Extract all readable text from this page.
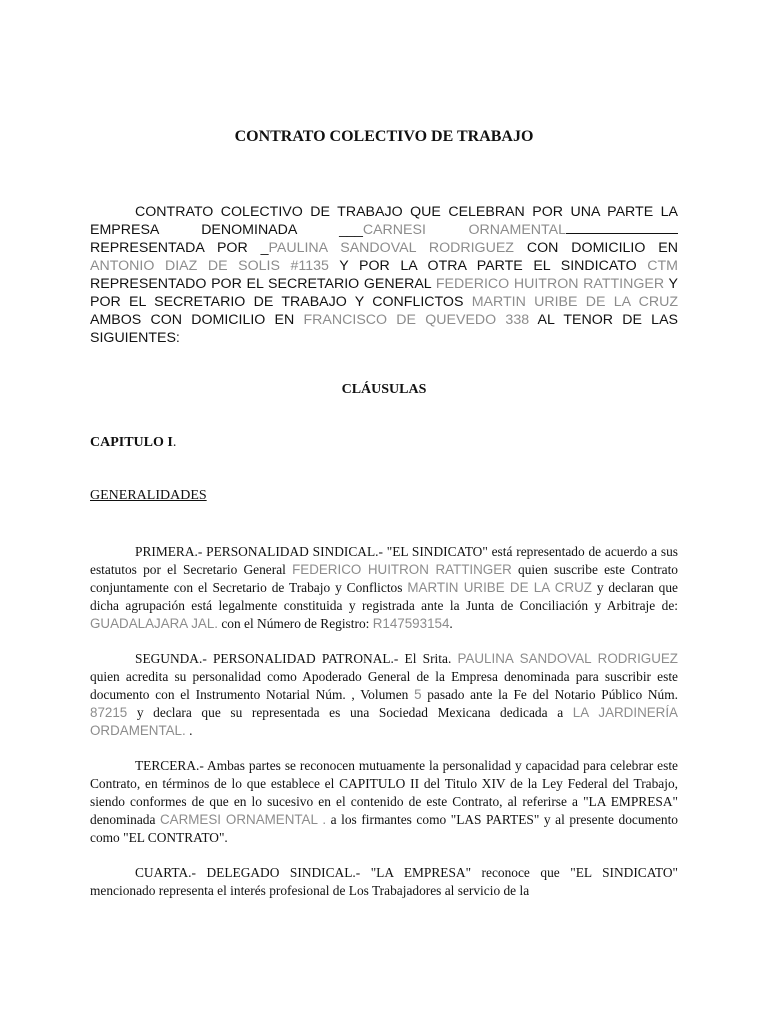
CONTRATO COLECTIVO DE TRABAJO
CONTRATO COLECTIVO DE TRABAJO QUE CELEBRAN POR UNA PARTE LA EMPRESA DENOMINADA ___CARNESI ORNAMENTAL REPRESENTADA POR _PAULINA SANDOVAL RODRIGUEZ CON DOMICILIO EN ANTONIO DIAZ DE SOLIS #1135 Y POR LA OTRA PARTE EL SINDICATO CTM REPRESENTADO POR EL SECRETARIO GENERAL FEDERICO HUITRON RATTINGER Y POR EL SECRETARIO DE TRABAJO Y CONFLICTOS MARTIN URIBE DE LA CRUZ AMBOS CON DOMICILIO EN FRANCISCO DE QUEVEDO 338 AL TENOR DE LAS SIGUIENTES:
CLÁUSULAS
CAPITULO I.
GENERALIDADES

PRIMERA.- PERSONALIDAD SINDICAL.- "EL SINDICATO" está representado de acuerdo a sus estatutos por el Secretario General FEDERICO HUITRON RATTINGER quien suscribe este Contrato conjuntamente con el Secretario de Trabajo y Conflictos MARTIN URIBE DE LA CRUZ y declaran que dicha agrupación está legalmente constituida y registrada ante la Junta de Conciliación y Arbitraje de: GUADALAJARA JAL. con el Número de Registro: R147593154.

SEGUNDA.- PERSONALIDAD PATRONAL.- El Srita. PAULINA SANDOVAL RODRIGUEZ quien acredita su personalidad como Apoderado General de la Empresa denominada para suscribir este documento con el Instrumento Notarial Núm. , Volumen 5 pasado ante la Fe del Notario Público Núm. 87215 y declara que su representada es una Sociedad Mexicana dedicada a LA JARDINERÍA ORDAMENTAL. .

TERCERA.- Ambas partes se reconocen mutuamente la personalidad y capacidad para celebrar este Contrato, en términos de lo que establece el CAPITULO II del Titulo XIV de la Ley Federal del Trabajo, siendo conformes de que en lo sucesivo en el contenido de este Contrato, al referirse a "LA EMPRESA" denominada CARMESI ORNAMENTAL . a los firmantes como "LAS PARTES" y al presente documento como "EL CONTRATO".

CUARTA.- DELEGADO SINDICAL.- "LA EMPRESA" reconoce que "EL SINDICATO" mencionado representa el interés profesional de Los Trabajadores al servicio de la
